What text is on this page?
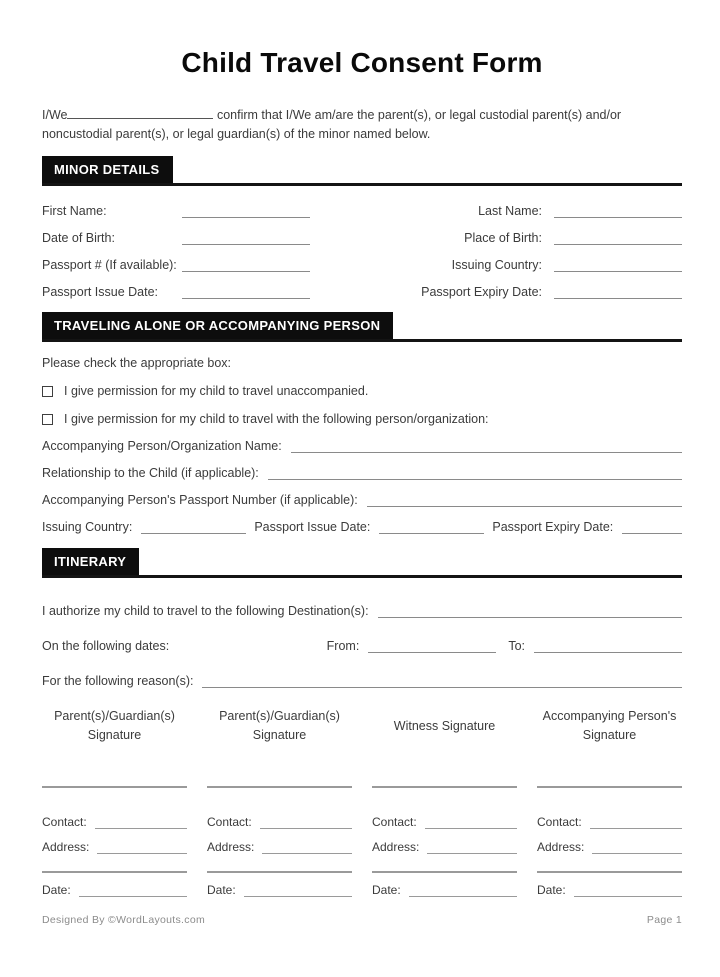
Child Travel Consent Form

I/We	confirm that I/We am/are the parent(s), or legal custodial parent(s) and/or noncustodial parent(s), or legal guardian(s) of the minor named below.

MINOR DETAILS
First Name:	Last Name:
Date of Birth:	Place of Birth:
Passport # (If available):	Issuing Country:
Passport Issue Date:	Passport Expiry Date:
TRAVELING ALONE OR ACCOMPANYING PERSON
Please check the appropriate box:
I give permission for my child to travel unaccompanied.
I give permission for my child to travel with the following person/organization:
Accompanying Person/Organization Name:
Relationship to the Child (if applicable):
Accompanying Person's Passport Number (if applicable):
Issuing Country:	Passport Issue Date:	Passport Expiry Date:
ITINERARY
I authorize my child to travel to the following Destination(s):
On the following dates:	From:	To:
For the following reason(s):
Parent(s)/Guardian(s) Signature
Contact:
Address:
Date:
Parent(s)/Guardian(s) Signature
Contact:
Address:
Date:
Witness Signature
Contact:
Address:
Date:
Accompanying Person's Signature
Contact:
Address:
Date:
Designed By ©WordLayouts.com	Page 1
